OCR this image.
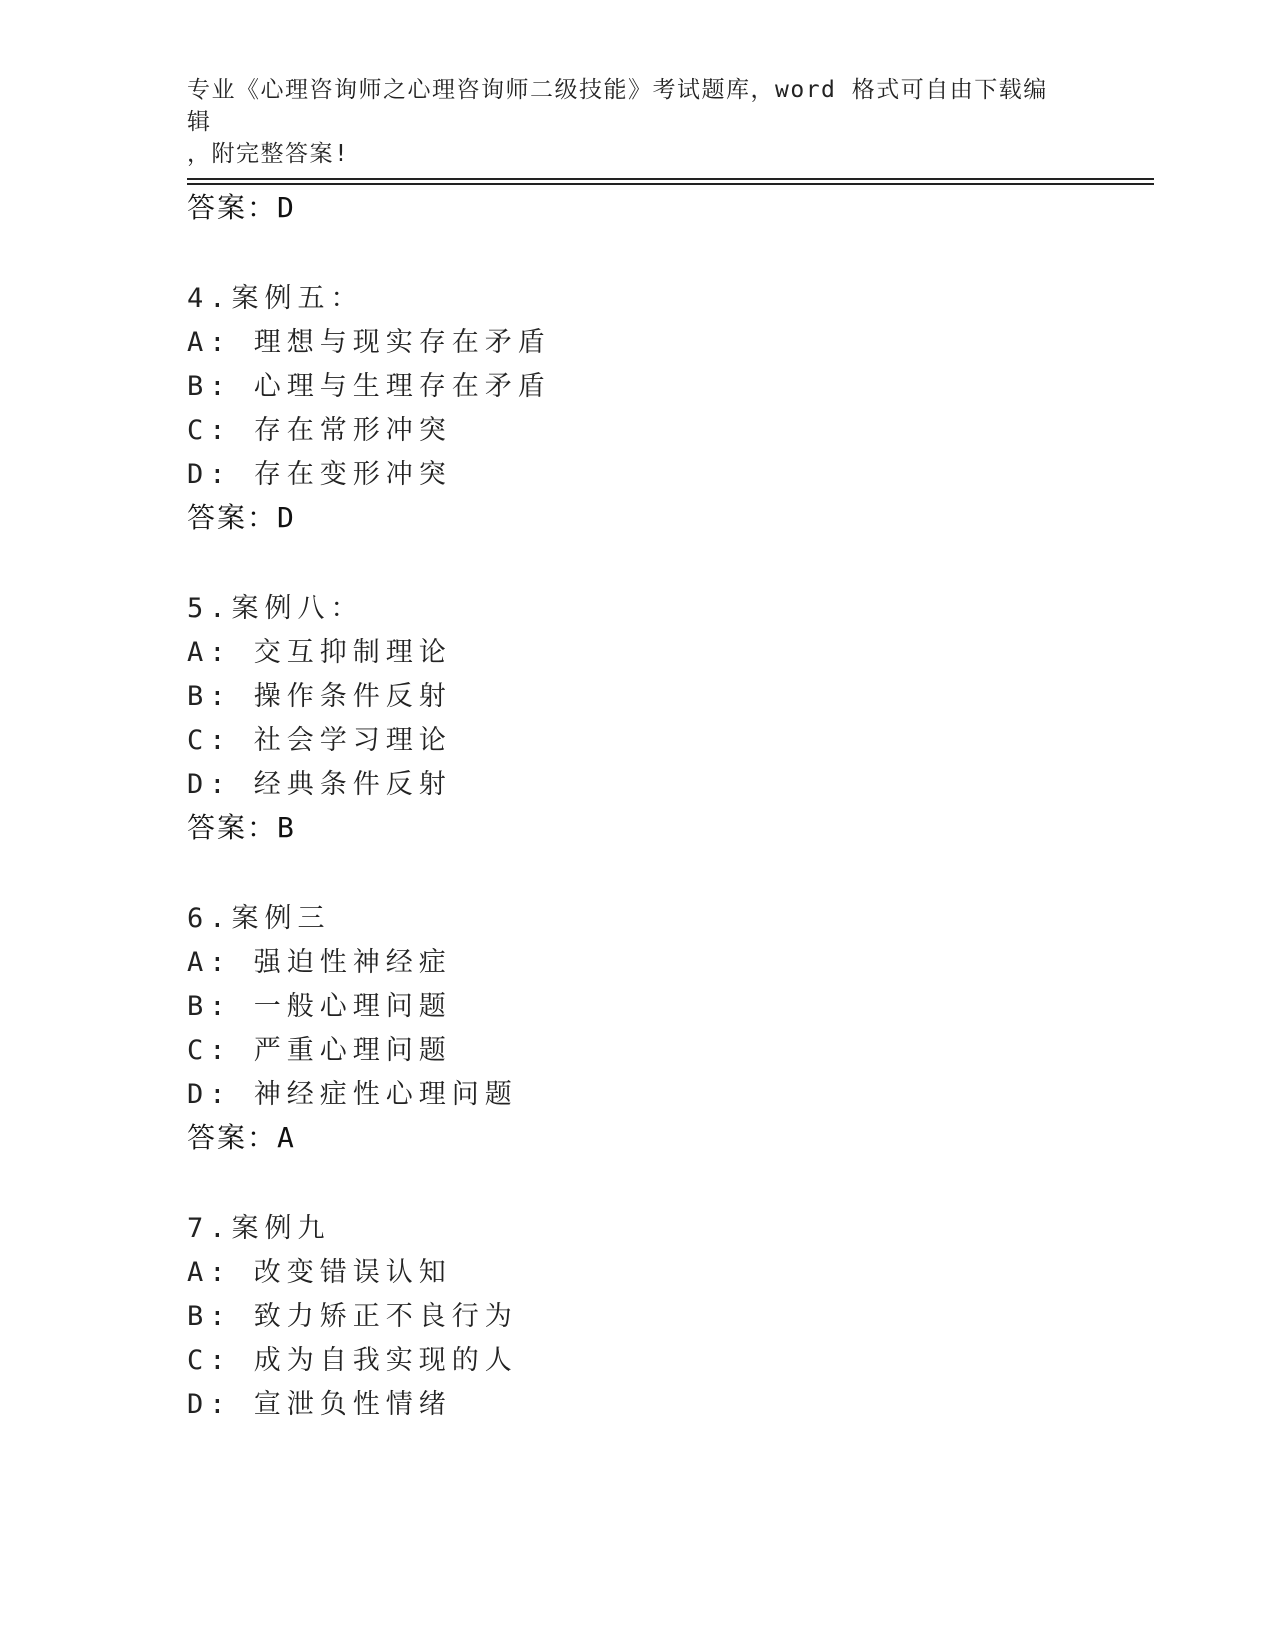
专业《心理咨询师之心理咨询师二级技能》考试题库，word 格式可自由下载编辑
，附完整答案!
答案：D
4.案例五：
A: 理想与现实存在矛盾
B: 心理与生理存在矛盾
C: 存在常形冲突
D: 存在变形冲突
答案：D
5.案例八：
A: 交互抑制理论
B: 操作条件反射
C: 社会学习理论
D: 经典条件反射
答案：B
6.案例三
A: 强迫性神经症
B: 一般心理问题
C: 严重心理问题
D: 神经症性心理问题
答案：A
7.案例九
A: 改变错误认知
B: 致力矫正不良行为
C: 成为自我实现的人
D: 宣泄负性情绪
